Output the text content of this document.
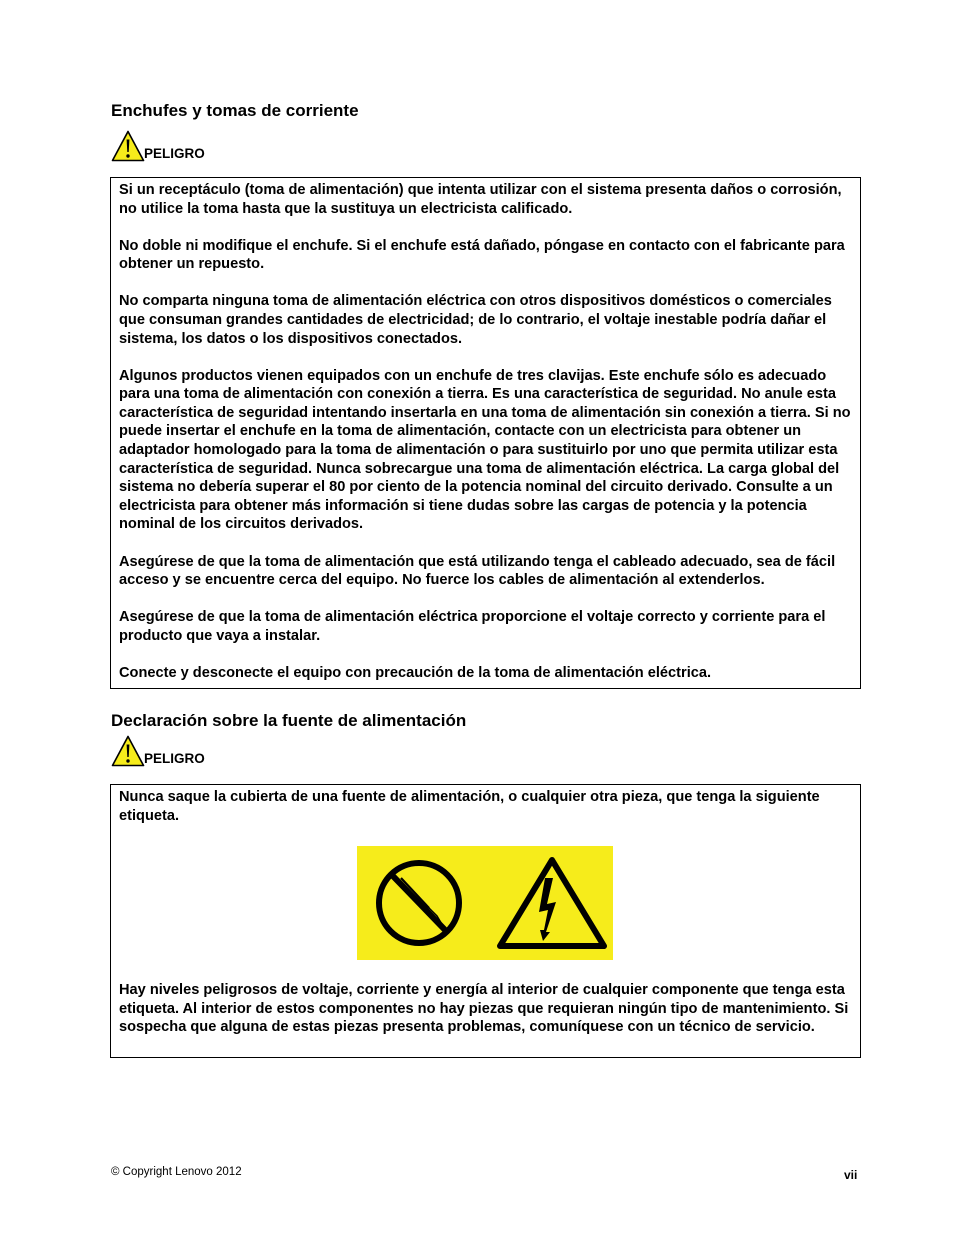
Enchufes y tomas de corriente
PELIGRO

Si un receptáculo (toma de alimentación) que intenta utilizar con el sistema presenta daños o corrosión, no utilice la toma hasta que la sustituya un electricista calificado.

No doble ni modifique el enchufe. Si el enchufe está dañado, póngase en contacto con el fabricante para obtener un repuesto.

No comparta ninguna toma de alimentación eléctrica con otros dispositivos domésticos o comerciales que consuman grandes cantidades de electricidad; de lo contrario, el voltaje inestable podría dañar el sistema, los datos o los dispositivos conectados.

Algunos productos vienen equipados con un enchufe de tres clavijas. Este enchufe sólo es adecuado para una toma de alimentación con conexión a tierra. Es una característica de seguridad. No anule esta característica de seguridad intentando insertarla en una toma de alimentación sin conexión a tierra. Si no puede insertar el enchufe en la toma de alimentación, contacte con un electricista para obtener un adaptador homologado para la toma de alimentación o para sustituirlo por uno que permita utilizar esta característica de seguridad. Nunca sobrecargue una toma de alimentación eléctrica. La carga global del sistema no debería superar el 80 por ciento de la potencia nominal del circuito derivado. Consulte a un electricista para obtener más información si tiene dudas sobre las cargas de potencia y la potencia nominal de los circuitos derivados.

Asegúrese de que la toma de alimentación que está utilizando tenga el cableado adecuado, sea de fácil acceso y se encuentre cerca del equipo. No fuerce los cables de alimentación al extenderlos.

Asegúrese de que la toma de alimentación eléctrica proporcione el voltaje correcto y corriente para el producto que vaya a instalar.

Conecte y desconecte el equipo con precaución de la toma de alimentación eléctrica.

Declaración sobre la fuente de alimentación
PELIGRO

Nunca saque la cubierta de una fuente de alimentación, o cualquier otra pieza, que tenga la siguiente etiqueta.

Hay niveles peligrosos de voltaje, corriente y energía al interior de cualquier componente que tenga esta etiqueta. Al interior de estos componentes no hay piezas que requieran ningún tipo de mantenimiento. Si sospecha que alguna de estas piezas presenta problemas, comuníquese con un técnico de servicio.

© Copyright Lenovo 2012	vii
